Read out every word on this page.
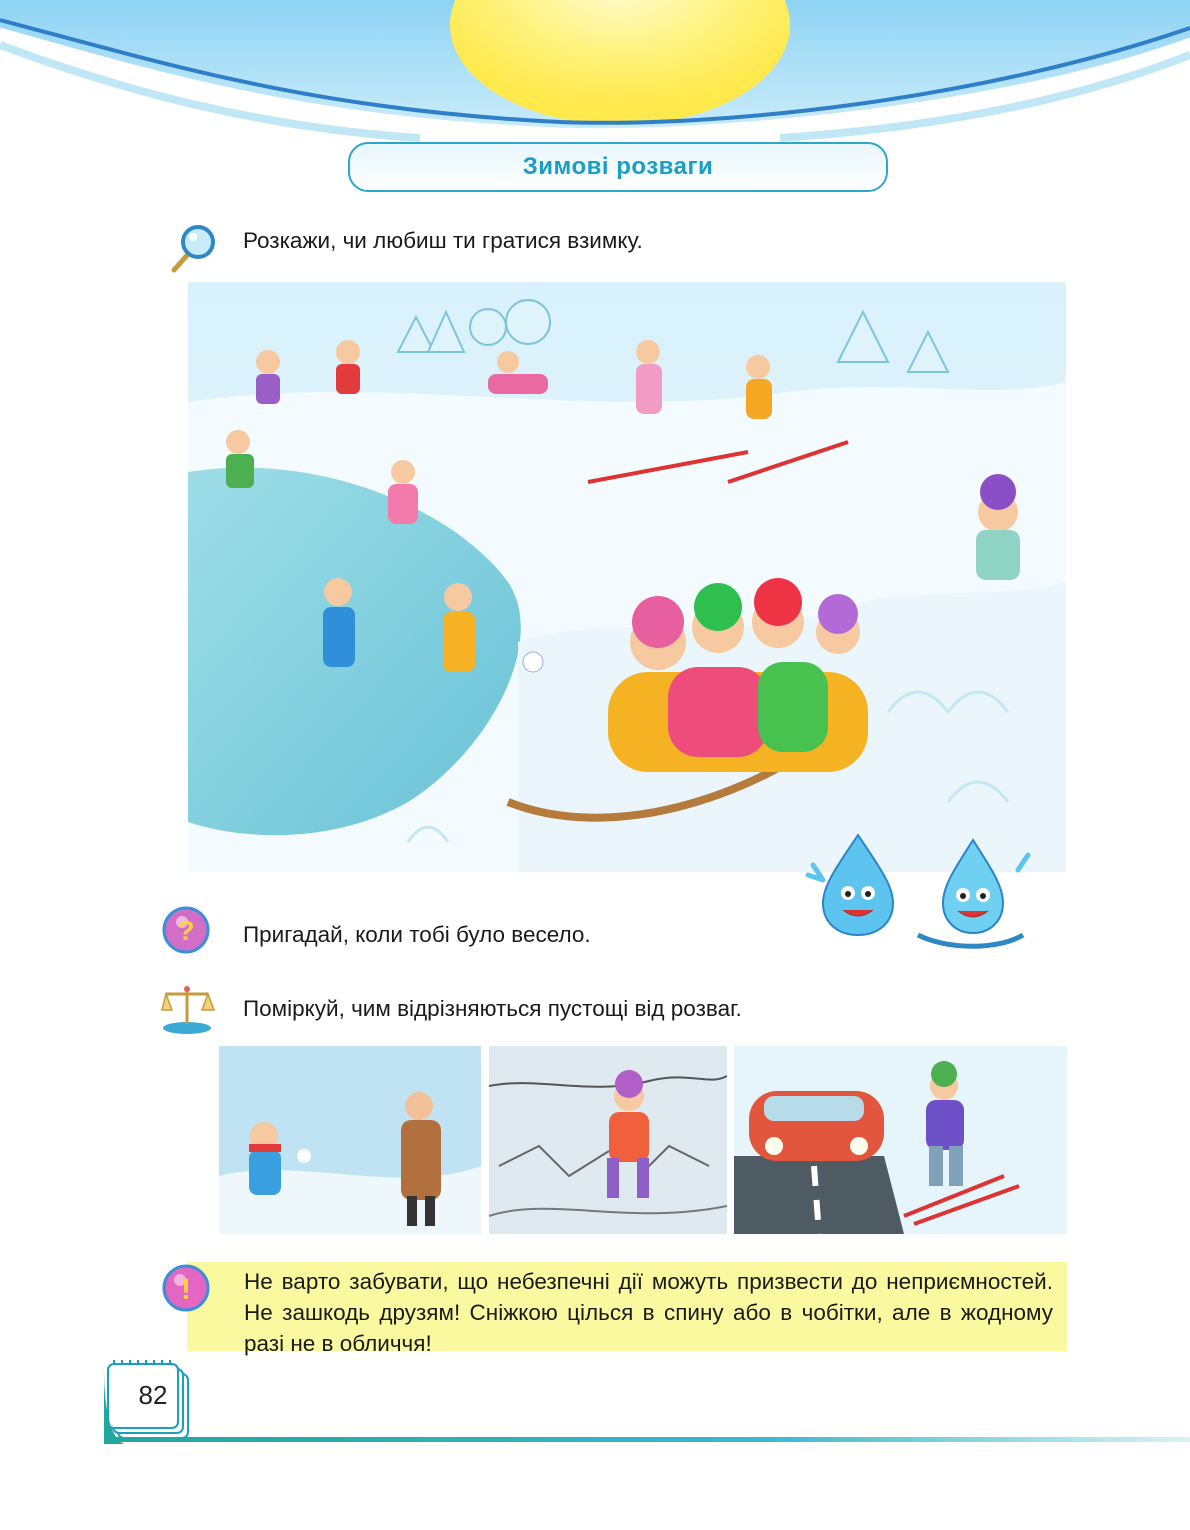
Зимові розваги
Розкажи, чи любиш ти гратися взимку.
? Пригадай, коли тобі було весело.
Поміркуй, чим відрізняються пустощі від розваг.

Не варто забувати, що небезпечні дії можуть призвести до неприємностей. Не зашкодь друзям! Сніжкою цілься в спину або в чобітки, але в жодному разі не в обличчя!

!
82
